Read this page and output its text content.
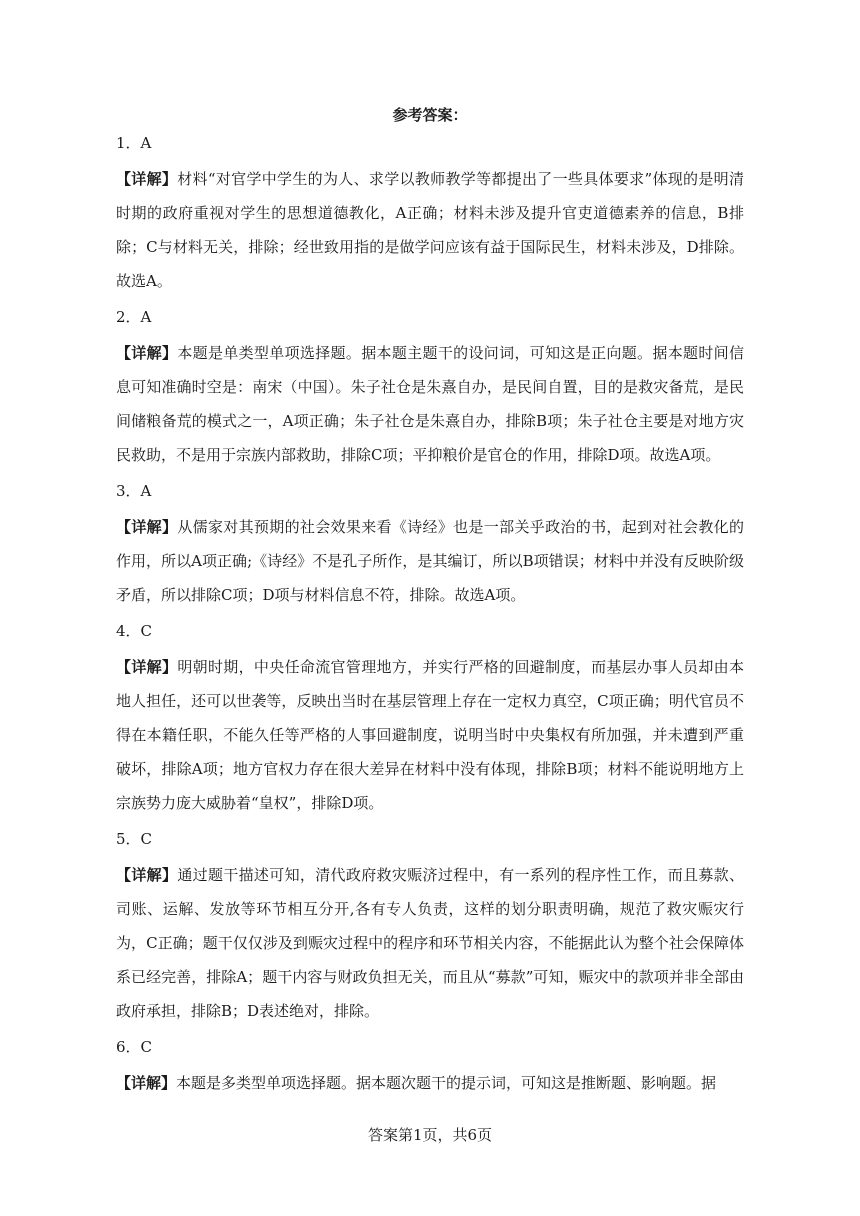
参考答案：
1．A
【详解】材料“对官学中学生的为人、求学以教师教学等都提出了一些具体要求”体现的是明清时期的政府重视对学生的思想道德教化，A正确；材料未涉及提升官吏道德素养的信息，B排除；C与材料无关，排除；经世致用指的是做学问应该有益于国际民生，材料未涉及，D排除。故选A。
2．A
【详解】本题是单类型单项选择题。据本题主题干的设问词，可知这是正向题。据本题时间信息可知准确时空是：南宋（中国）。朱子社仓是朱熹自办，是民间自置，目的是救灾备荒，是民间储粮备荒的模式之一，A项正确；朱子社仓是朱熹自办，排除B项；朱子社仓主要是对地方灾民救助，不是用于宗族内部救助，排除C项；平抑粮价是官仓的作用，排除D项。故选A项。
3．A
【详解】从儒家对其预期的社会效果来看《诗经》也是一部关乎政治的书，起到对社会教化的作用，所以A项正确;《诗经》不是孔子所作，是其编订，所以B项错误；材料中并没有反映阶级矛盾，所以排除C项；D项与材料信息不符，排除。故选A项。
4．C
【详解】明朝时期，中央任命流官管理地方，并实行严格的回避制度，而基层办事人员却由本地人担任，还可以世袭等，反映出当时在基层管理上存在一定权力真空，C项正确；明代官员不得在本籍任职，不能久任等严格的人事回避制度，说明当时中央集权有所加强，并未遭到严重破坏，排除A项；地方官权力存在很大差异在材料中没有体现，排除B项；材料不能说明地方上宗族势力庞大威胁着“皇权”，排除D项。
5．C
【详解】通过题干描述可知，清代政府救灾赈济过程中，有一系列的程序性工作，而且募款、司账、运解、发放等环节相互分开,各有专人负责，这样的划分职责明确，规范了救灾赈灾行为，C正确；题干仅仅涉及到赈灾过程中的程序和环节相关内容，不能据此认为整个社会保障体系已经完善，排除A；题干内容与财政负担无关，而且从“募款”可知，赈灾中的款项并非全部由政府承担，排除B；D表述绝对，排除。
6．C
【详解】本题是多类型单项选择题。据本题次题干的提示词，可知这是推断题、影响题。据
答案第1页，共6页
